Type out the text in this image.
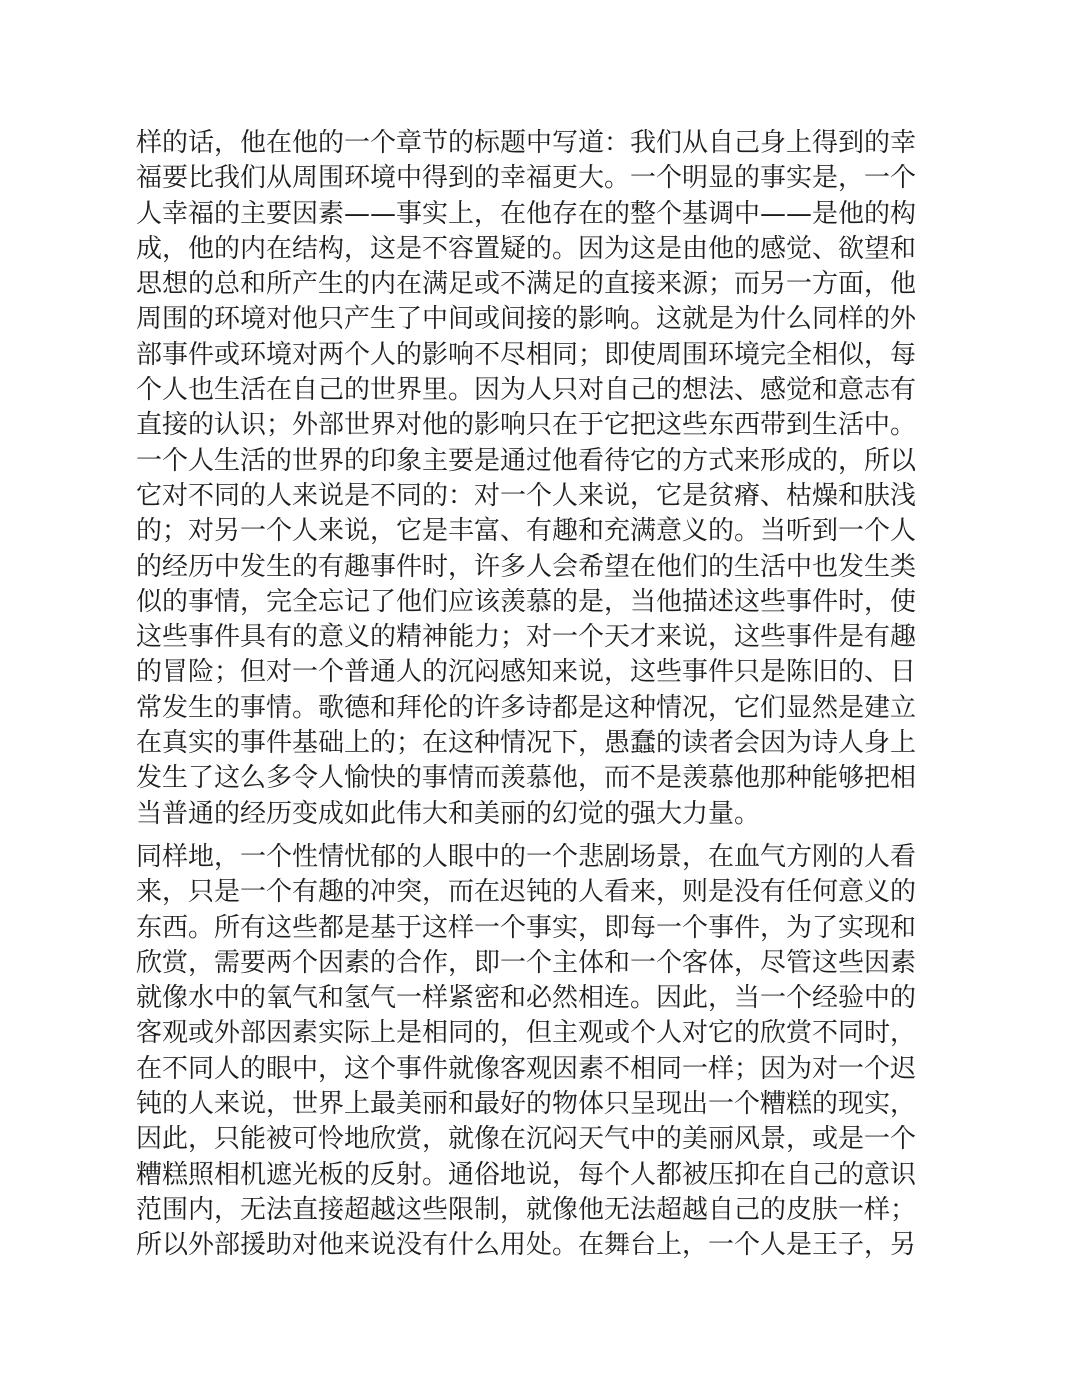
样的话，他在他的一个章节的标题中写道：我们从自己身上得到的幸
福要比我们从周围环境中得到的幸福更大。一个明显的事实是，一个
人幸福的主要因素——事实上，在他存在的整个基调中——是他的构
成，他的内在结构，这是不容置疑的。因为这是由他的感觉、欲望和
思想的总和所产生的内在满足或不满足的直接来源；而另一方面，他
周围的环境对他只产生了中间或间接的影响。这就是为什么同样的外
部事件或环境对两个人的影响不尽相同；即使周围环境完全相似，每
个人也生活在自己的世界里。因为人只对自己的想法、感觉和意志有
直接的认识；外部世界对他的影响只在于它把这些东西带到生活中。
一个人生活的世界的印象主要是通过他看待它的方式来形成的，所以
它对不同的人来说是不同的：对一个人来说，它是贫瘠、枯燥和肤浅
的；对另一个人来说，它是丰富、有趣和充满意义的。当听到一个人
的经历中发生的有趣事件时，许多人会希望在他们的生活中也发生类
似的事情，完全忘记了他们应该羡慕的是，当他描述这些事件时，使
这些事件具有的意义的精神能力；对一个天才来说，这些事件是有趣
的冒险；但对一个普通人的沉闷感知来说，这些事件只是陈旧的、日
常发生的事情。歌德和拜伦的许多诗都是这种情况，它们显然是建立
在真实的事件基础上的；在这种情况下，愚蠢的读者会因为诗人身上
发生了这么多令人愉快的事情而羡慕他，而不是羡慕他那种能够把相
当普通的经历变成如此伟大和美丽的幻觉的强大力量。
同样地，一个性情忧郁的人眼中的一个悲剧场景，在血气方刚的人看
来，只是一个有趣的冲突，而在迟钝的人看来，则是没有任何意义的
东西。所有这些都是基于这样一个事实，即每一个事件，为了实现和
欣赏，需要两个因素的合作，即一个主体和一个客体，尽管这些因素
就像水中的氧气和氢气一样紧密和必然相连。因此，当一个经验中的
客观或外部因素实际上是相同的，但主观或个人对它的欣赏不同时，
在不同人的眼中，这个事件就像客观因素不相同一样；因为对一个迟
钝的人来说，世界上最美丽和最好的物体只呈现出一个糟糕的现实，
因此，只能被可怜地欣赏，就像在沉闷天气中的美丽风景，或是一个
糟糕照相机遮光板的反射。通俗地说，每个人都被压抑在自己的意识
范围内，无法直接超越这些限制，就像他无法超越自己的皮肤一样；
所以外部援助对他来说没有什么用处。在舞台上，一个人是王子，另
